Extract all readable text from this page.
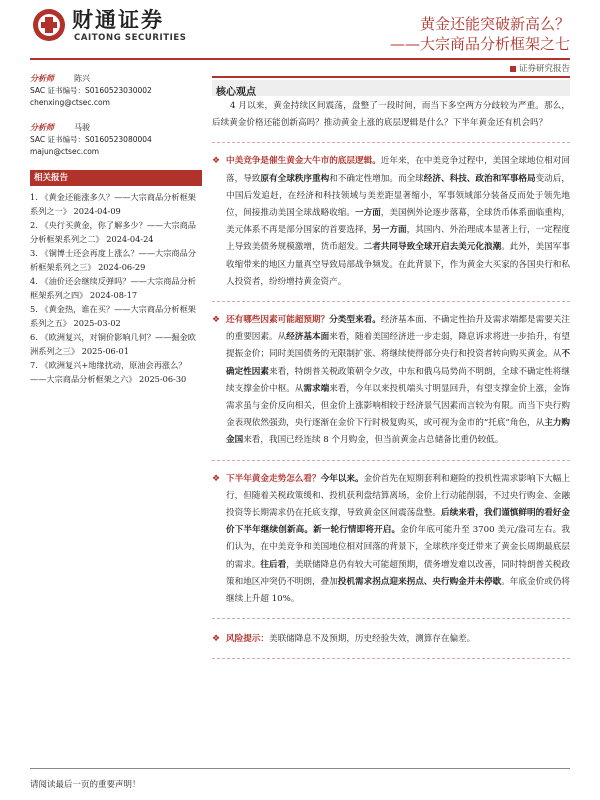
财通证券
CAITONG SECURITIES
黄金还能突破新高么？
——大宗商品分析框架之七
证券研究报告
分析师	陈兴
SAC 证书编号：S0160523030002
chenxing@ctsec.com
分析师	马骏
SAC 证书编号：S0160523080004
majun@ctsec.com
相关报告
1. 《黄金还能涨多久？——大宗商品分析框架系列之一》 2024-04-09
2. 《央行买黄金，你了解多少？——大宗商品分析框架系列之二》 2024-04-24
3. 《铜博士还会再度上涨么？——大宗商品分析框架系列之三》 2024-06-29
4. 《油价还会继续反弹吗？——大宗商品分析框架系列之四》 2024-08-17
5. 《黄金热，谁在买？——大宗商品分析框架系列之五》 2025-03-02
6. 《欧洲复兴，对铜价影响几何？——掘金欧洲系列之三》 2025-06-01
7. 《欧洲复兴+地缘扰动，原油会再涨么？——大宗商品分析框架之六》 2025-06-30
核心观点

4 月以来，黄金持续区间震荡，盘整了一段时间，而当下多空两方分歧较为严重。那么，后续黄金价格还能创新高吗？推动黄金上涨的底层逻辑是什么？下半年黄金还有机会吗？

❖ 中美竞争是催生黄金大牛市的底层逻辑。近年来，在中美竞争过程中，美国全球地位相对回落，导致原有全球秩序重构和不确定性增加。而全球经济、科技、政治和军事格局变动后，中国后发追赶，在经济和科技领域与美差距显著缩小，军事领域部分装备反而处于领先地位，间接推动美国全球战略收缩。一方面，美国例外论逐步落幕，全球货币体系面临重构，美元体系不再是部分国家的首要选择，另一方面，其国内、外治理成本显著上行，一定程度上导致美债务规模激增，货币超发。二者共同导致全球开启去美元化浪潮。此外，美国军事收缩带来的地区力量真空导致局部战争频发。在此背景下，作为黄金大买家的各国央行和私人投资者，纷纷增持黄金资产。
❖ 还有哪些因素可能超预期？分类型来看。经济基本面、不确定性抬升及需求端都是需要关注的重要因素。从经济基本面来看，随着美国经济进一步走弱，降息诉求将进一步抬升，有望提振金价；同时美国债务的无限制扩张、将继续使得部分央行和投资者转向购买黄金。从不确定性因素来看，特朗普关税政策朝令夕改，中东和俄乌局势尚不明朗，全球不确定性将继续支撑金价中枢。从需求端来看，今年以来投机端头寸明显回升，有望支撑金价上涨，金饰需求虽与金价反向相关，但金价上涨影响相较于经济景气因素而言较为有限。而当下央行购金表现依然强劲，央行逐渐在金价下行时极复购买，或可视为金市的“托底”角色，从主力购金国来看，我国已经连续 8 个月购金，但当前黄金占总储备比重仍较低。
❖ 下半年黄金走势怎么看？今年以来。金价首先在短期套利和避险的投机性需求影响下大幅上行，但随着关税政策缓和、投机获利盘结算离场，金价上行动能削弱，不过央行购金、金融投资等长期需求仍在托底支撑，导致黄金区间震荡盘整。后续来看，我们谨慎鲜明的看好金价下半年继续创新高。新一轮行情即将开启。金价年底可能升至 3700 美元/盎司左右。我们认为，在中美竞争和美国地位相对回落的背景下，全球秩序变迁带来了黄金长周期最底层的需求。往后看，美联储降息仍有较大可能超预期，债务增发难以改善，同时特朗普关税政策和地区冲突仍不明朗，叠加投机需求拐点迎来拐点、央行购金并未停歇。年底金价或仍将继续上升超 10%。
❖ 风险提示：美联储降息不及预期，历史经验失效，测算存在偏差。
请阅读最后一页的重要声明！
